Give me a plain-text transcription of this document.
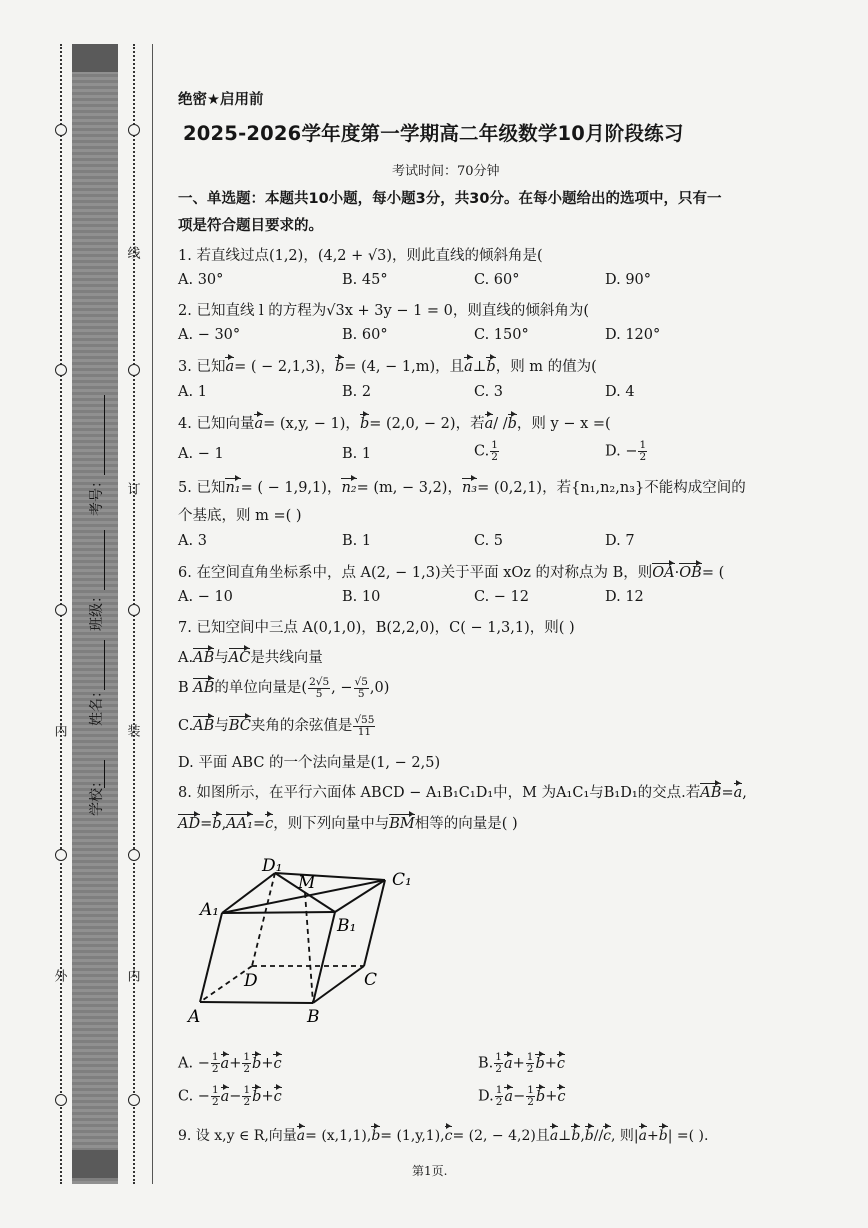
外
内
线
订
装
内
学校：
姓名：
班级：
考号：
绝密★启用前
2025-2026学年度第一学期高二年级数学10月阶段练习
考试时间：70分钟
一、单选题：本题共10小题，每小题3分，共30分。在每小题给出的选项中，只有一
项是符合题目要求的。
1. 若直线过点(1,2)，(4,2 + √3)，则此直线的倾斜角是(
A. 30°	B. 45°	C. 60°	D. 90°
2. 已知直线 l 的方程为√3x + 3y − 1 = 0，则直线的倾斜角为(
A. − 30°	B. 60°	C. 150°	D. 120°
3. 已知a= ( − 2,1,3)，b= (4, − 1,m)，且a⊥b，则 m 的值为(
A. 1	B. 2	C. 3	D. 4
4. 已知向量a= (x,y, − 1)，b= (2,0, − 2)，若a/ /b，则 y − x =(
A. − 1	B. 1	C. $\frac{1}{2}$	D. − $\frac{1}{2}$
5. 已知n₁= ( − 1,9,1)，n₂= (m, − 3,2)，n₃= (0,2,1)，若{n₁,n₂,n₃}不能构成空间的
个基底，则 m =( )
A. 3	B. 1	C. 5	D. 7
6. 在空间直角坐标系中，点 A(2, − 1,3)关于平面 xOz 的对称点为 B，则OA·OB= (
A. − 10	B. 10	C. − 12	D. 12
7. 已知空间中三点 A(0,1,0)，B(2,2,0)，C( − 1,3,1)，则( )
A.AB与AC是共线向量
B AB的单位向量是( $\frac{2√5}{5}$ , − $\frac{√5}{5} ,0$)
C.AB与BC夹角的余弦值是 $\frac{√55}{11}$
D. 平面 ABC 的一个法向量是(1, − 2,5)
8. 如图所示，在平行六面体 ABCD − A₁B₁C₁D₁中，M 为A₁C₁与B₁D₁的交点.若AB=a,
AD=b,AA₁=c，则下列向量中与BM相等的向量是( )
D₁
M	C₁
A₁
B₁
D	C
A	B
A. − $\frac{1}{2} a+ \frac{1}{2} b+c$	B. $\frac{1}{2} a+ \frac{1}{2} b+c$
C. − $\frac{1}{2} a- \frac{1}{2} b+c$	D. $\frac{1}{2} a- \frac{1}{2} b+c$
9. 设 x,y ∈ R,向量a= (x,1,1),b= (1,y,1),c= (2, − 4,2)且a⊥b,b//c, 则|a+b| =( ).
第1页.
